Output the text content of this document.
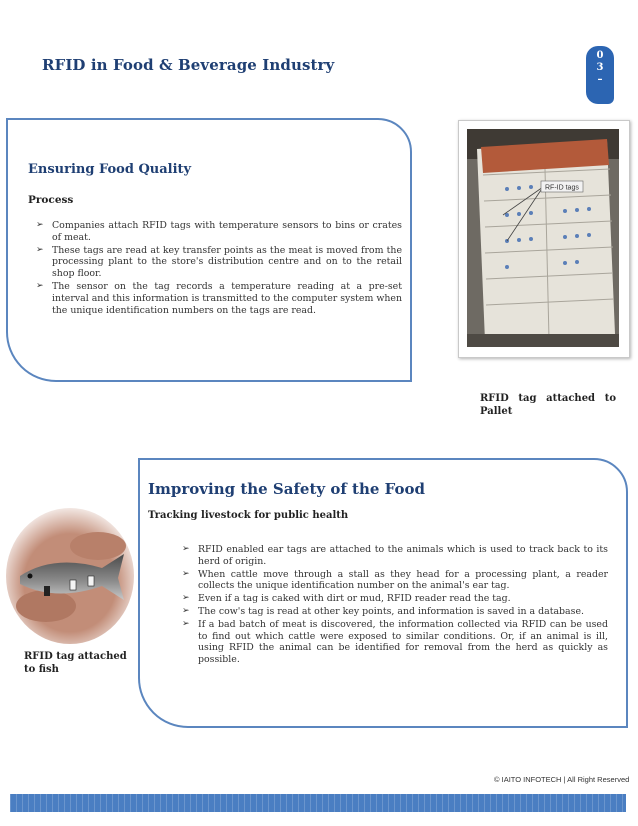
RFID in Food & Beverage Industry
0
3
–
Ensuring Food Quality
Process
➢ Companies attach RFID tags with temperature sensors to bins or crates of meat.
➢ These tags are read at key transfer points as the meat is moved from the processing plant to the store's distribution centre and on to the retail shop floor.
➢ The sensor on the tag records a temperature reading at a pre-set interval and this information is transmitted to the computer system when the unique identification numbers on the tags are read.
RF-ID tags
RFID tag attached to
Pallet
Improving the Safety of the Food
Tracking livestock for public health
➢ RFID enabled ear tags are attached to the animals which is used to track back to its herd of origin.
➢ When cattle move through a stall as they head for a processing plant, a reader collects the unique identification number on the animal's ear tag.
➢ Even if a tag is caked with dirt or mud, RFID reader read the tag.
➢ The cow's tag is read at other key points, and information is saved in a database.
➢ If a bad batch of meat is discovered, the information collected via RFID can be used to find out which cattle were exposed to similar conditions. Or, if an animal is ill, using RFID the animal can be identified for removal from the herd as quickly as possible.
RFID tag attached
to fish
© IAITO INFOTECH | All Right Reserved
